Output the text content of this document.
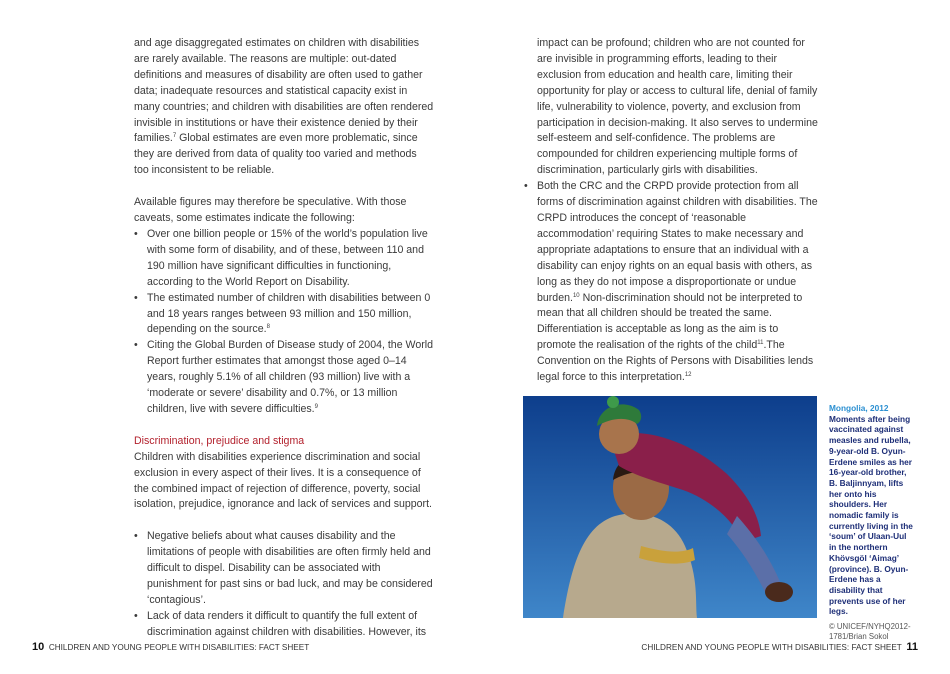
and age disaggregated estimates on children with disabilities are rarely available. The reasons are multiple: out-dated definitions and measures of disability are often used to gather data; inadequate resources and statistical capacity exist in many countries; and children with disabilities are often rendered invisible in institutions or have their existence denied by their families.$^7$ Global estimates are even more problematic, since they are derived from data of quality too varied and methods too inconsistent to be reliable.

Available figures may therefore be speculative. With those caveats, some estimates indicate the following:

• Over one billion people or 15% of the world’s population live with some form of disability, and of these, between 110 and 190 million have significant difficulties in functioning, according to the World Report on Disability.
• The estimated number of children with disabilities between 0 and 18 years ranges between 93 million and 150 million, depending on the source.$^8$
• Citing the Global Burden of Disease study of 2004, the World Report further estimates that amongst those aged 0–14 years, roughly 5.1% of all children (93 million) live with a ‘moderate or severe’ disability and 0.7%, or 13 million children, live with severe difficulties.$^9$

Discrimination, prejudice and stigma

Children with disabilities experience discrimination and social exclusion in every aspect of their lives. It is a consequence of the combined impact of rejection of difference, poverty, social isolation, prejudice, ignorance and lack of services and support.

• Negative beliefs about what causes disability and the limitations of people with disabilities are often firmly held and difficult to dispel. Disability can be associated with punishment for past sins or bad luck, and may be considered ‘contagious’.
• Lack of data renders it difficult to quantify the full extent of discrimination against children with disabilities. However, its

impact can be profound; children who are not counted for are invisible in programming efforts, leading to their exclusion from education and health care, limiting their opportunity for play or access to cultural life, denial of family life, vulnerability to violence, poverty, and exclusion from participation in decision-making. It also serves to undermine self-esteem and self-confidence. The problems are compounded for children experiencing multiple forms of discrimination, particularly girls with disabilities.

• Both the CRC and the CRPD provide protection from all forms of discrimination against children with disabilities. The CRPD introduces the concept of ‘reasonable accommodation’ requiring States to make necessary and appropriate adaptations to ensure that an individual with a disability can enjoy rights on an equal basis with others, as long as they do not impose a disproportionate or undue burden.$^{10}$ Non-discrimination should not be interpreted to mean that all children should be treated the same. Differentiation is acceptable as long as the aim is to promote the realisation of the rights of the child$^{11}$.The Convention on the Rights of Persons with Disabilities lends legal force to this interpretation.$^{12}$
Mongolia, 2012
Moments after being vaccinated against measles and rubella, 9-year-old B. Oyun-Erdene smiles as her 16-year-old brother, B. Baljinnyam, lifts her onto his shoulders. Her nomadic family is currently living in the ‘soum’ of Ulaan-Uul in the northern Khövsgöl ‘Aimag’ (province). B. Oyun-Erdene has a disability that prevents use of her legs.
© UNICEF/NYHQ2012-1781/Brian Sokol
10 CHILDREN AND YOUNG PEOPLE WITH DISABILITIES: FACT SHEET	CHILDREN AND YOUNG PEOPLE WITH DISABILITIES: FACT SHEET 11
